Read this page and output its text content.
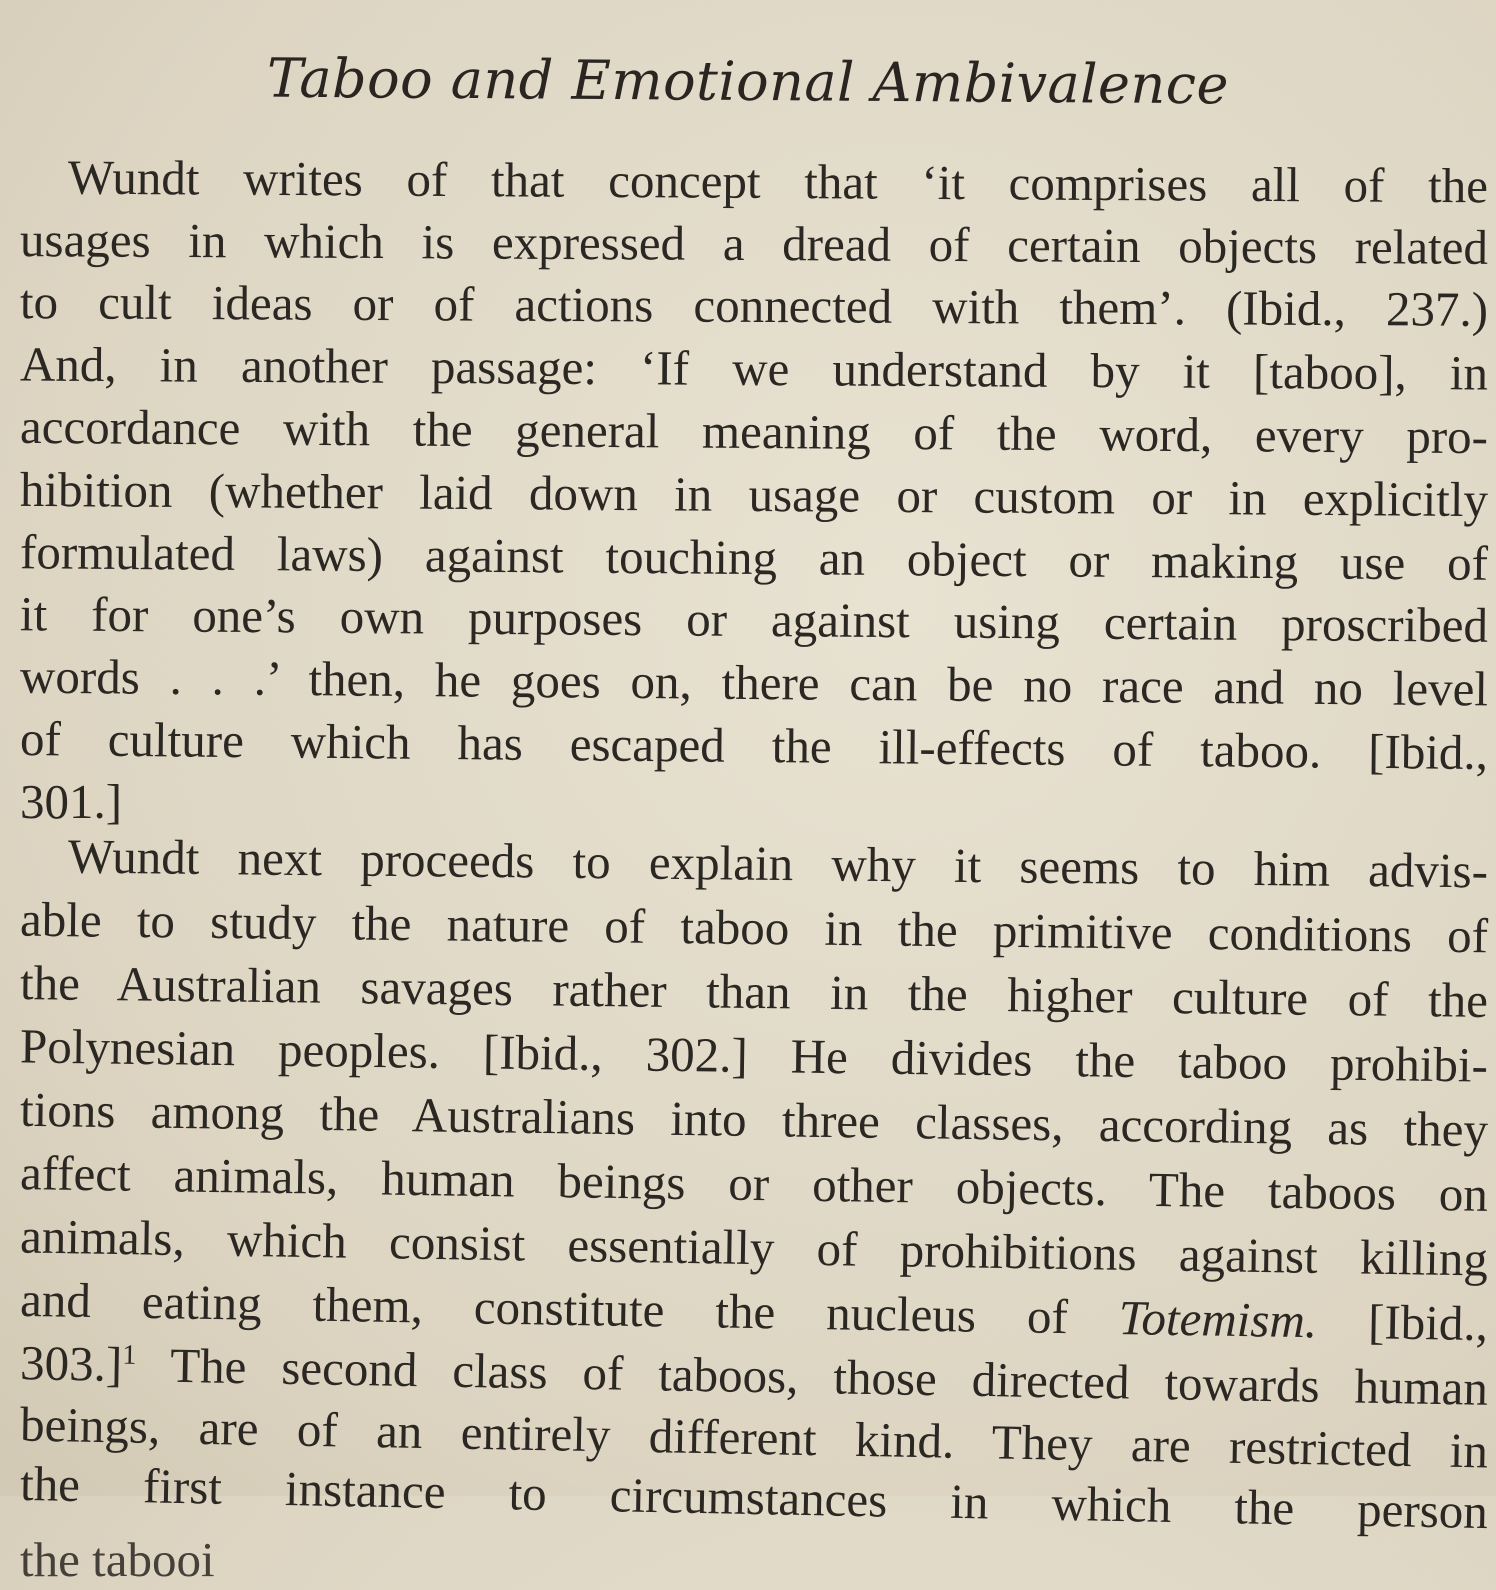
Taboo and Emotional Ambivalence
Wundt writes of that concept that ‘it comprises all of the
usages in which is expressed a dread of certain objects related
to cult ideas or of actions connected with them’. (Ibid., 237.)
And, in another passage: ‘If we understand by it [taboo], in
accordance with the general meaning of the word, every pro-
hibition (whether laid down in usage or custom or in explicitly
formulated laws) against touching an object or making use of
it for one’s own purposes or against using certain proscribed
words . . .’ then, he goes on, there can be no race and no level
of culture which has escaped the ill-effects of taboo. [Ibid.,
301.]
Wundt next proceeds to explain why it seems to him advis-
able to study the nature of taboo in the primitive conditions of
the Australian savages rather than in the higher culture of the
Polynesian peoples. [Ibid., 302.] He divides the taboo prohibi-
tions among the Australians into three classes, according as they
affect animals, human beings or other objects. The taboos on
animals, which consist essentially of prohibitions against killing
and eating them, constitute the nucleus of Totemism. [Ibid.,
303.]$^1$ The second class of taboos, those directed towards human
beings, are of an entirely different kind. They are restricted in
the first instance to circumstances in which the person
the tabooi
